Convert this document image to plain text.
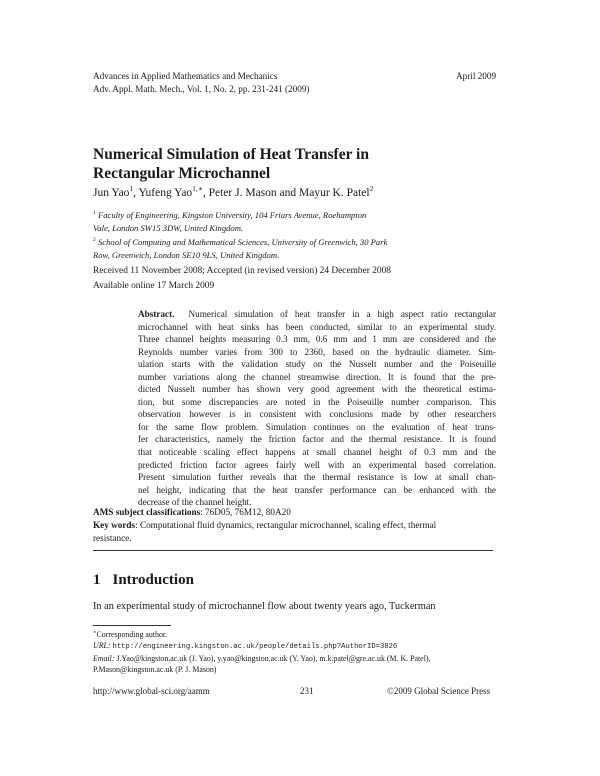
Advances in Applied Mathematics and Mechanics
Adv. Appl. Math. Mech., Vol. 1, No. 2, pp. 231-241 (2009)
April 2009
Numerical Simulation of Heat Transfer in
Rectangular Microchannel
Jun Yao$^1$, Yufeng Yao$^{1,∗}$, Peter J. Mason and Mayur K. Patel$^2$
$^1$ Faculty of Engineering, Kingston University, 104 Friars Avenue, Roehampton
Vale, London SW15 3DW, United Kingdom.
$^2$ School of Computing and Mathematical Sciences, University of Greenwich, 30 Park
Row, Greenwich, London SE10 9LS, United Kingdom.
Received 11 November 2008; Accepted (in revised version) 24 December 2008
Available online 17 March 2009
Abstract. Numerical simulation of heat transfer in a high aspect ratio rectangular
microchannel with heat sinks has been conducted, similar to an experimental study.
Three channel heights measuring 0.3 mm, 0.6 mm and 1 mm are considered and the
Reynolds number varies from 300 to 2360, based on the hydraulic diameter. Sim-
ulation starts with the validation study on the Nusselt number and the Poiseuille
number variations along the channel streamwise direction. It is found that the pre-
dicted Nusselt number has shown very good agreement with the theoretical estima-
tion, but some discrepancies are noted in the Poiseuille number comparison. This
observation however is in consistent with conclusions made by other researchers
for the same flow problem. Simulation continues on the evaluation of heat trans-
fer characteristics, namely the friction factor and the thermal resistance. It is found
that noticeable scaling effect happens at small channel height of 0.3 mm and the
predicted friction factor agrees fairly well with an experimental based correlation.
Present simulation further reveals that the thermal resistance is low at small chan-
nel height, indicating that the heat transfer performance can be enhanced with the
decrease of the channel height.
AMS subject classifications: 76D05, 76M12, 80A20
Key words: Computational fluid dynamics, rectangular microchannel, scaling effect, thermal
resistance.
1 Introduction
In an experimental study of microchannel flow about twenty years ago, Tuckerman
∗Corresponding author.
URL: http://engineering.kingston.ac.uk/people/details.php?AuthorID=3826
Email: J.Yao@kingston.ac.uk (J. Yao), y.yao@kingston.ac.uk (Y. Yao), m.k.patel@gre.ac.uk (M. K. Patel),
P.Mason@kingston.ac.uk (P. J. Mason)
http://www.global-sci.org/aamm	231	©2009 Global Science Press
